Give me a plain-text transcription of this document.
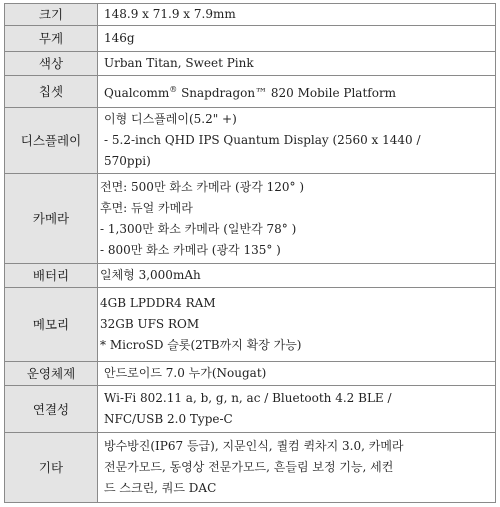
크기	148.9 x 71.9 x 7.9mm

무게	146g

색상	Urban Titan, Sweet Pink

칩셋	Qualcomm® Snapdragon™ 820 Mobile Platform

디스플레이	이형 디스플레이(5.2" +)
- 5.2-inch QHD IPS Quantum Display (2560 x 1440 /
570ppi)

카메라	전면: 500만 화소 카메라 (광각 120° )
후면: 듀얼 카메라
- 1,300만 화소 카메라 (일반각 78° )
- 800만 화소 카메라 (광각 135° )

배터리	일체형 3,000mAh

메모리	4GB LPDDR4 RAM
32GB UFS ROM
* MicroSD 슬롯(2TB까지 확장 가능)

운영체제	안드로이드 7.0 누가(Nougat)

연결성	Wi-Fi 802.11 a, b, g, n, ac / Bluetooth 4.2 BLE /
NFC/USB 2.0 Type-C

기타	방수방진(IP67 등급), 지문인식, 퀄컴 퀵차지 3.0, 카메라
전문가모드, 동영상 전문가모드, 흔들림 보정 기능, 세컨
드 스크린, 쿼드 DAC
